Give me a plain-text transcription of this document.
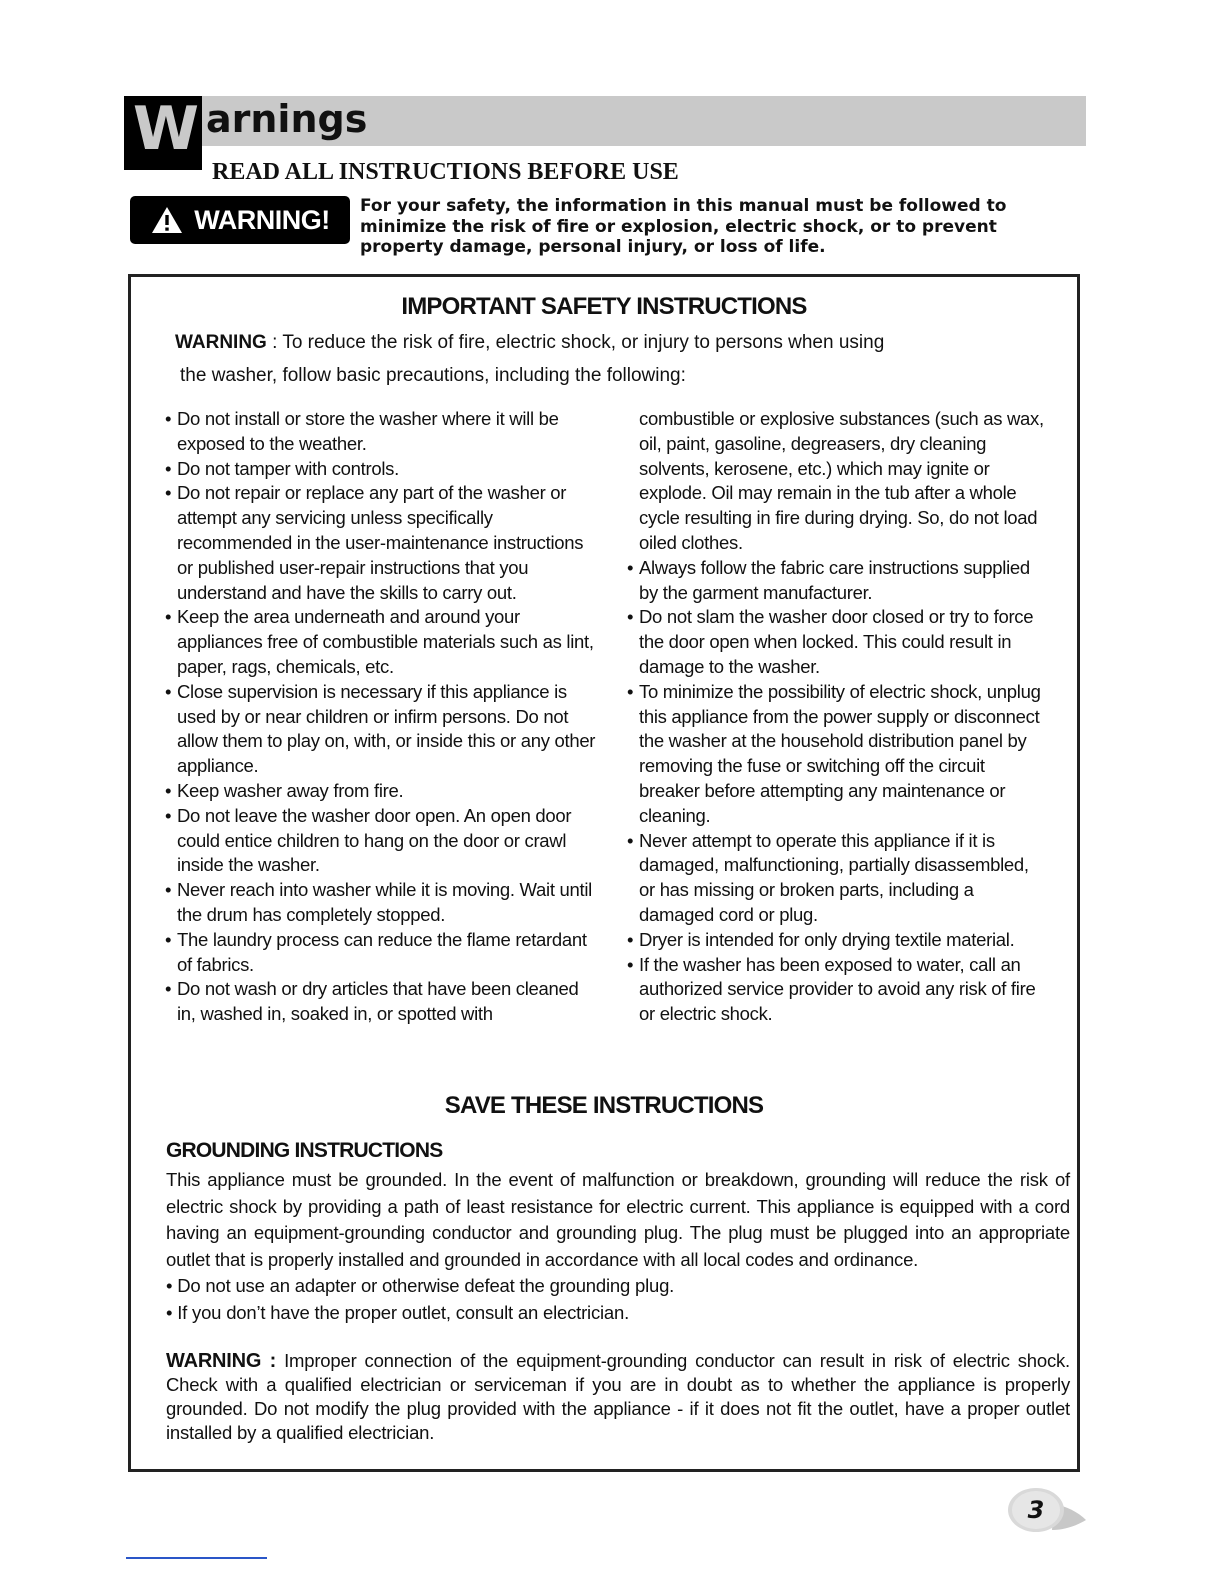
W arnings
READ ALL INSTRUCTIONS BEFORE USE
WARNING! For your safety, the information in this manual must be followed to minimize the risk of fire or explosion, electric shock, or to prevent property damage, personal injury, or loss of life.
IMPORTANT SAFETY INSTRUCTIONS
WARNING : To reduce the risk of fire, electric shock, or injury to persons when using
the washer, follow basic precautions, including the following:
• Do not install or store the washer where it will be exposed to the weather.
• Do not tamper with controls.
• Do not repair or replace any part of the washer or attempt any servicing unless specifically recommended in the user-maintenance instructions or published user-repair instructions that you understand and have the skills to carry out.
• Keep the area underneath and around your appliances free of combustible materials such as lint, paper, rags, chemicals, etc.
• Close supervision is necessary if this appliance is used by or near children or infirm persons. Do not allow them to play on, with, or inside this or any other appliance.
• Keep washer away from fire.
• Do not leave the washer door open. An open door could entice children to hang on the door or crawl inside the washer.
• Never reach into washer while it is moving. Wait until the drum has completely stopped.
• The laundry process can reduce the flame retardant of fabrics.
• Do not wash or dry articles that have been cleaned in, washed in, soaked in, or spotted with
combustible or explosive substances (such as wax, oil, paint, gasoline, degreasers, dry cleaning solvents, kerosene, etc.) which may ignite or explode. Oil may remain in the tub after a whole cycle resulting in fire during drying. So, do not load oiled clothes.
• Always follow the fabric care instructions supplied by the garment manufacturer.
• Do not slam the washer door closed or try to force the door open when locked. This could result in damage to the washer.
• To minimize the possibility of electric shock, unplug this appliance from the power supply or disconnect the washer at the household distribution panel by removing the fuse or switching off the circuit breaker before attempting any maintenance or cleaning.
• Never attempt to operate this appliance if it is damaged, malfunctioning, partially disassembled, or has missing or broken parts, including a damaged cord or plug.
• Dryer is intended for only drying textile material.
• If the washer has been exposed to water, call an authorized service provider to avoid any risk of fire or electric shock.
SAVE THESE INSTRUCTIONS
GROUNDING INSTRUCTIONS
This appliance must be grounded. In the event of malfunction or breakdown, grounding will reduce the risk of electric shock by providing a path of least resistance for electric current. This appliance is equipped with a cord having an equipment-grounding conductor and grounding plug. The plug must be plugged into an appropriate outlet that is properly installed and grounded in accordance with all local codes and ordinance.
• Do not use an adapter or otherwise defeat the grounding plug.
• If you don’t have the proper outlet, consult an electrician.
WARNING : Improper connection of the equipment-grounding conductor can result in risk of electric shock. Check with a qualified electrician or serviceman if you are in doubt as to whether the appliance is properly grounded. Do not modify the plug provided with the appliance - if it does not fit the outlet, have a proper outlet installed by a qualified electrician.
3
